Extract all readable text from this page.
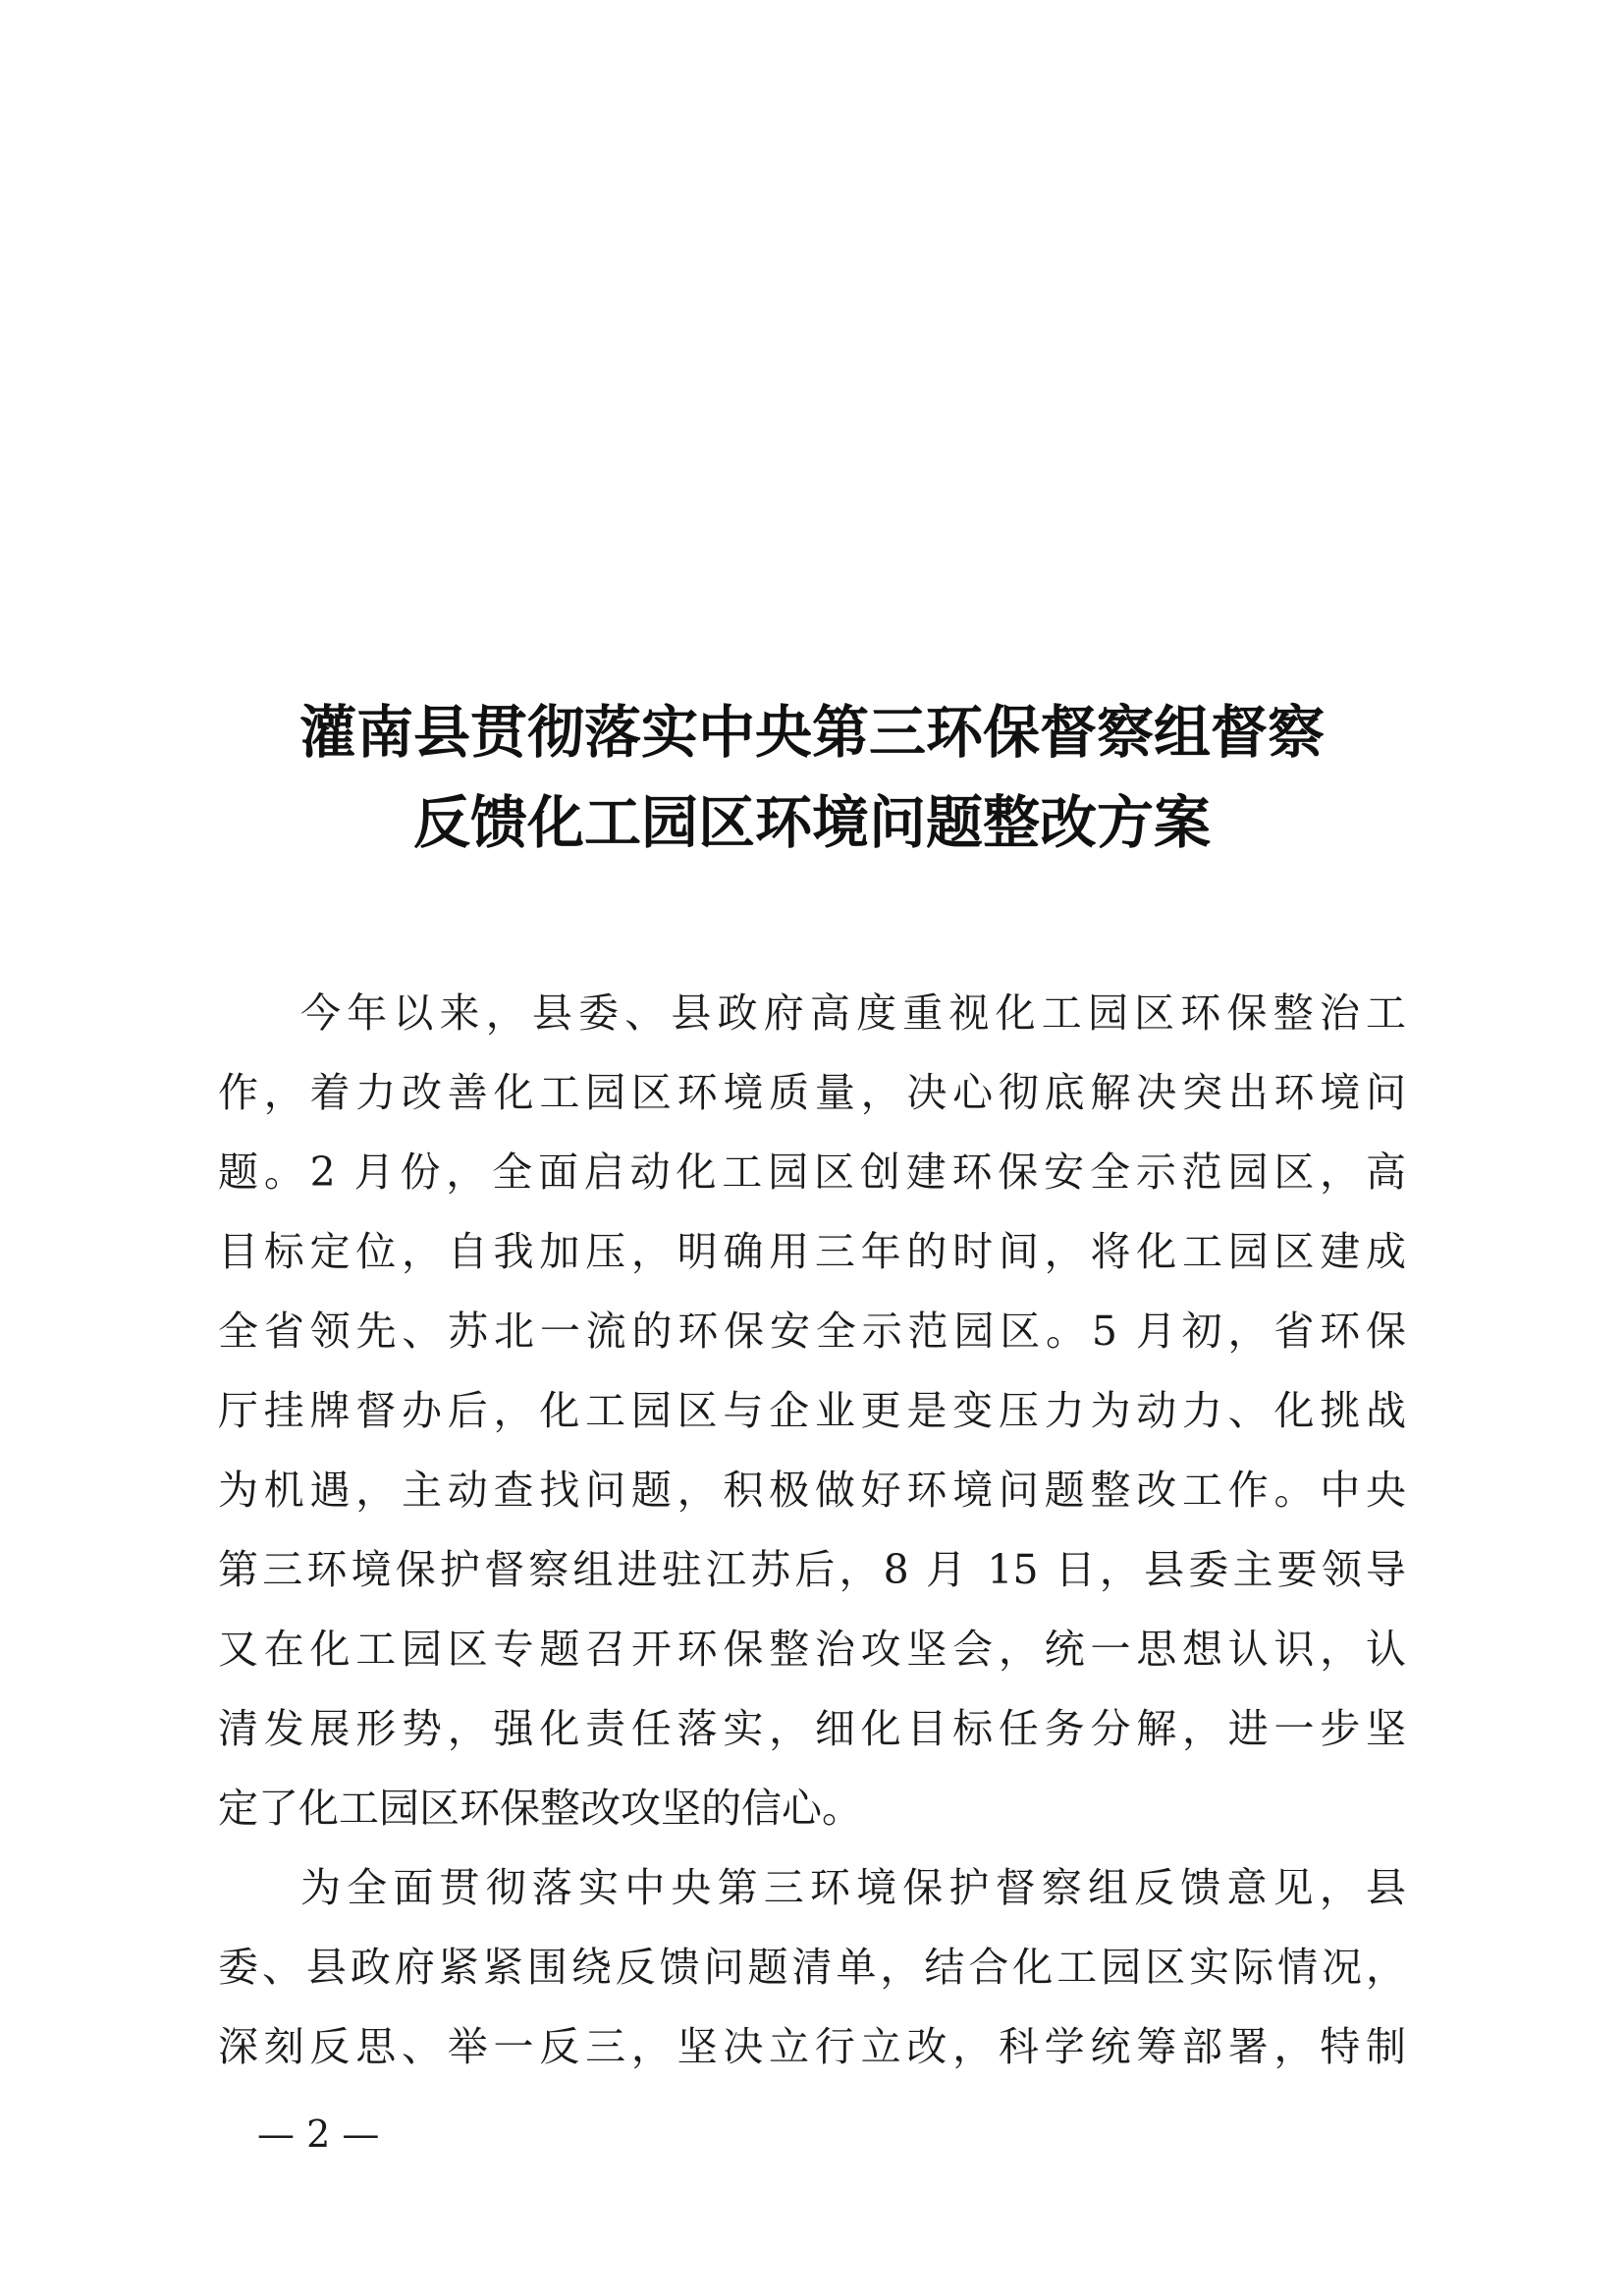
灌南县贯彻落实中央第三环保督察组督察
反馈化工园区环境问题整改方案
今年以来，县委、县政府高度重视化工园区环保整治工
作，着力改善化工园区环境质量，决心彻底解决突出环境问
题。2 月份，全面启动化工园区创建环保安全示范园区，高
目标定位，自我加压，明确用三年的时间，将化工园区建成
全省领先、苏北一流的环保安全示范园区。5 月初，省环保
厅挂牌督办后，化工园区与企业更是变压力为动力、化挑战
为机遇，主动查找问题，积极做好环境问题整改工作。中央
第三环境保护督察组进驻江苏后，8 月 15 日，县委主要领导
又在化工园区专题召开环保整治攻坚会，统一思想认识，认
清发展形势，强化责任落实，细化目标任务分解，进一步坚
定了化工园区环保整改攻坚的信心。
为全面贯彻落实中央第三环境保护督察组反馈意见，县
委、县政府紧紧围绕反馈问题清单，结合化工园区实际情况，
深刻反思、举一反三，坚决立行立改，科学统筹部署，特制
— 2 —
